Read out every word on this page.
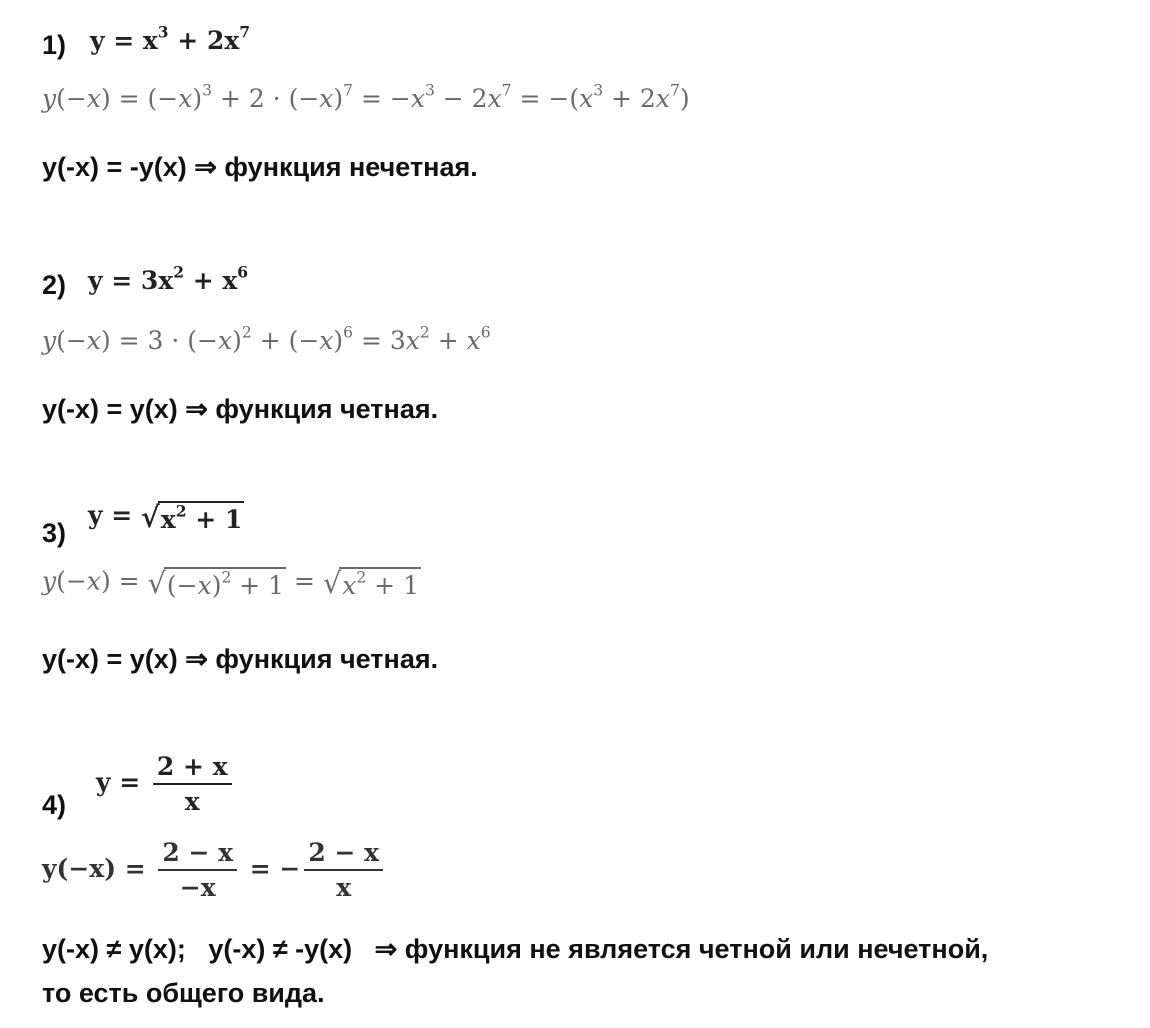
1) $y = x^3 + 2x^7$
$y(-x) = (-x)^3 + 2 \cdot (-x)^7 = -x^3 - 2x^7 = -(x^3 + 2x^7)$
y(-x) = -y(x) ⇒ функция нечетная.
2) $y = 3x^2 + x^6$
$y(-x) = 3 \cdot (-x)^2 + (-x)^6 = 3x^2 + x^6$
y(-x) = y(x) ⇒ функция четная.
3)
$y = √x^2 + 1$
$y(-x) = √(-x)^2 + 1 = √x^2 + 1$
y(-x) = y(x) ⇒ функция четная.
4)
$y = \frac{2 + x}{x}$
$y(-x) = \frac{2 - x}{-x}$ = − $\frac{2 - x}{x}$
y(-x) ≠ y(x);   y(-x) ≠ -y(x)   ⇒ функция не является четной или нечетной,
то есть общего вида.
